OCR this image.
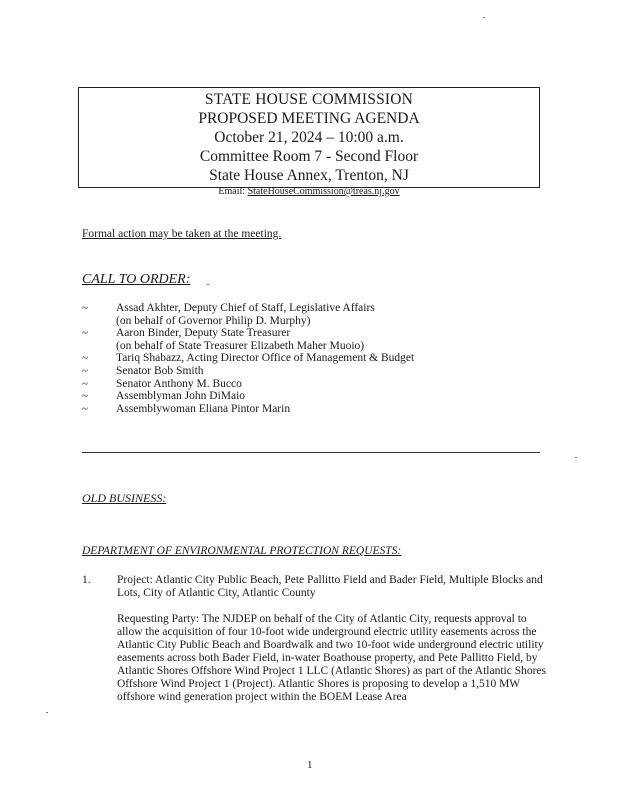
STATE HOUSE COMMISSION
PROPOSED MEETING AGENDA
October 21, 2024 – 10:00 a.m.
Committee Room 7 - Second Floor
State House Annex, Trenton, NJ
Email: StateHouseCommission@treas.nj.gov
Formal action may be taken at the meeting.
CALL TO ORDER:
~ Assad Akhter, Deputy Chief of Staff, Legislative Affairs
(on behalf of Governor Philip D. Murphy)
~ Aaron Binder, Deputy State Treasurer
(on behalf of State Treasurer Elizabeth Maher Muoio)
~ Tariq Shabazz, Acting Director Office of Management & Budget
~ Senator Bob Smith
~ Senator Anthony M. Bucco
~ Assemblyman John DiMaio
~ Assemblywoman Eliana Pintor Marin
OLD BUSINESS:
DEPARTMENT OF ENVIRONMENTAL PROTECTION REQUESTS:
1. Project: Atlantic City Public Beach, Pete Pallitto Field and Bader Field, Multiple Blocks and Lots, City of Atlantic City, Atlantic County
Requesting Party: The NJDEP on behalf of the City of Atlantic City, requests approval to allow the acquisition of four 10-foot wide underground electric utility easements across the Atlantic City Public Beach and Boardwalk and two 10-foot wide underground electric utility easements across both Bader Field, in-water Boathouse property, and Pete Pallitto Field, by Atlantic Shores Offshore Wind Project 1 LLC (Atlantic Shores) as part of the Atlantic Shores Offshore Wind Project 1 (Project). Atlantic Shores is proposing to develop a 1,510 MW offshore wind generation project within the BOEM Lease Area
1
